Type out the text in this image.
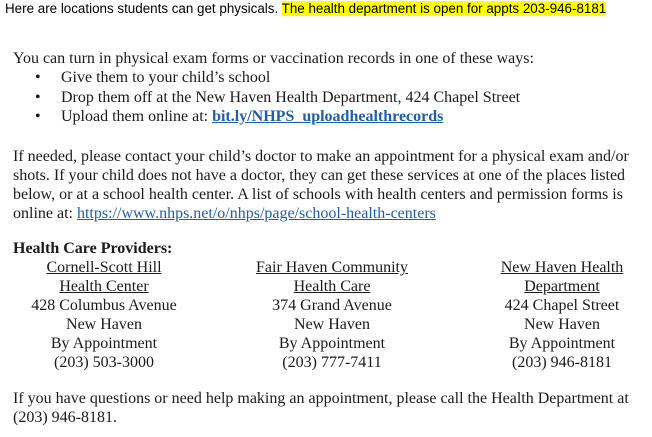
Here are locations students can get physicals. The health department is open for appts 203-946-8181
You can turn in physical exam forms or vaccination records in one of these ways:
• Give them to your child’s school
• Drop them off at the New Haven Health Department, 424 Chapel Street
• Upload them online at: bit.ly/NHPS_uploadhealthrecords
If needed, please contact your child’s doctor to make an appointment for a physical exam and/or
shots. If your child does not have a doctor, they can get these services at one of the places listed
below, or at a school health center. A list of schools with health centers and permission forms is
online at: https://www.nhps.net/o/nhps/page/school-health-centers
Health Care Providers:
Cornell-Scott Hill
Health Center
428 Columbus Avenue
New Haven
By Appointment
(203) 503-3000
Fair Haven Community
Health Care
374 Grand Avenue
New Haven
By Appointment
(203) 777-7411
New Haven Health
Department
424 Chapel Street
New Haven
By Appointment
(203) 946-8181
If you have questions or need help making an appointment, please call the Health Department at
(203) 946-8181.
